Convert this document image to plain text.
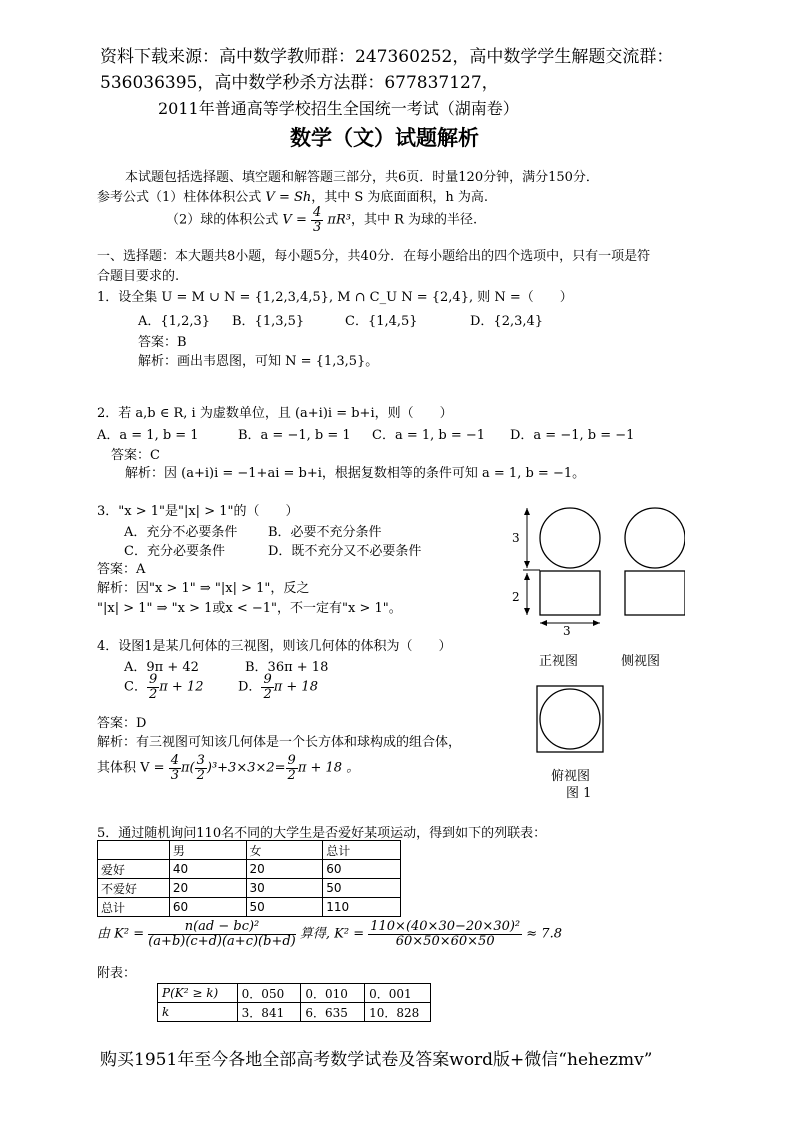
资料下载来源：高中数学教师群：247360252，高中数学学生解题交流群：
536036395，高中数学秒杀方法群：677837127，
2011年普通高等学校招生全国统一考试（湖南卷）
数学（文）试题解析
本试题包括选择题、填空题和解答题三部分，共6页．时量120分钟，满分150分．
参考公式（1）柱体体积公式 V = Sh，其中 S 为底面面积，h 为高.
（2）球的体积公式 $V = \frac{4}{3} \pi R^3$，其中 R 为球的半径.
一、选择题：本大题共8小题，每小题5分，共40分．在每小题给出的四个选项中，只有一项是符
合题目要求的.
1．设全集 U = M ∪ N = {1,2,3,4,5}, M ∩ C_U N = {2,4}, 则 N =（　　）
A．{1,2,3} B．{1,3,5}	C．{1,4,5}	D．{2,3,4}
答案：B
解析：画出韦恩图，可知 N = {1,3,5}。
2．若 a,b ∈ R, i 为虚数单位，且 (a+i)i = b+i，则（　　）
A．a = 1, b = 1	B．a = −1, b = 1 C．a = 1, b = −1 D．a = −1, b = −1
答案：C
解析：因 (a+i)i = −1+ai = b+i，根据复数相等的条件可知 a = 1, b = −1。
3．"x > 1"是"|x| > 1"的（　　）
A．充分不必要条件 B．必要不充分条件
C．充分必要条件	D．既不充分又不必要条件
答案：A
解析：因"x > 1" ⇒ "|x| > 1"，反之
"|x| > 1" ⇒ "x > 1或x < −1"，不一定有"x > 1"。
3
2
3
正视图	侧视图
俯视图
图 1
4．设图1是某几何体的三视图，则该几何体的体积为（　　）
A．9π + 42	B．36π + 18
C． $\frac{9}{2}$ π + 12	D． $\frac{9}{2}$ π + 18
答案：D
解析：有三视图可知该几何体是一个长方体和球构成的组合体，
其体积 $V = \frac{4}{3} \pi( \frac{3}{2} )^3+3\times 3\times 2= \frac{9}{2}$ π + 18 。
5．通过随机询问110名不同的大学生是否爱好某项运动，得到如下的列联表：
	男	女	总计
爱好	40	20	60
不爱好	20	30	50
总计	60	50	110
由 $K^2 = \frac{\text{n(ad − bc)²}}{(a+b)(c+d)(a+c)(b+d)}$ 算得, $K^2 = \frac{\text{110×(40×30−20×30)²}}{60\times 50\times 60\times 50} \approx 7.8$
附表：
P(K² ≥ k)	0．050	0．010	0．001
k	3．841	6．635	10．828
购买1951年至今各地全部高考数学试卷及答案word版+微信“hehezmv”
